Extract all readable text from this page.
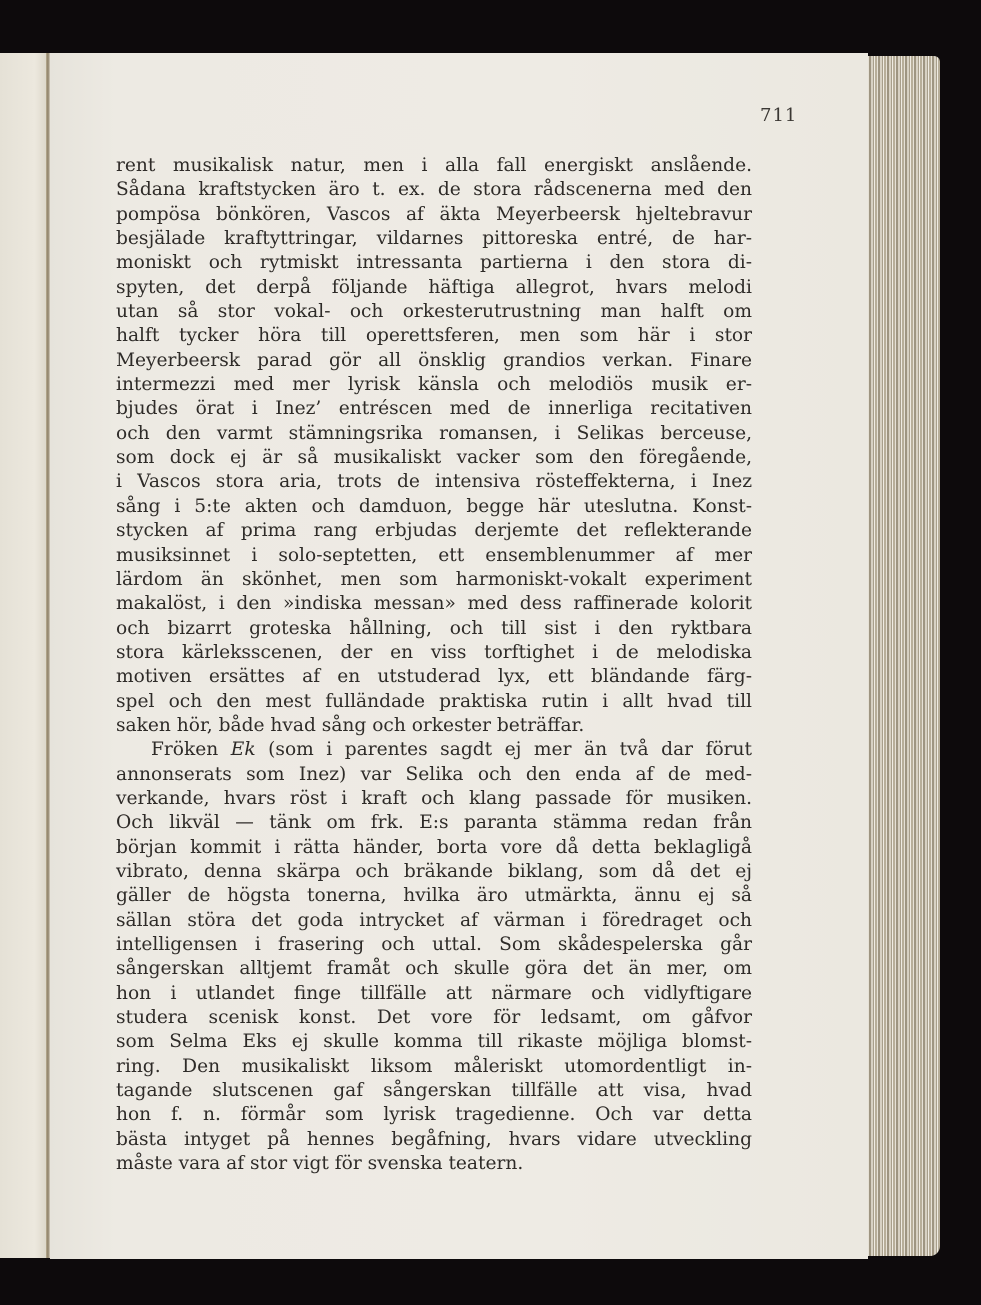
711
rent musikalisk natur, men i alla fall energiskt anslående.
Sådana kraftstycken äro t. ex. de stora rådscenerna med den
pompösa bönkören, Vascos af äkta Meyerbeersk hjeltebravur
besjälade kraftyttringar, vildarnes pittoreska entré, de har-
moniskt och rytmiskt intressanta partierna i den stora di-
spyten, det derpå följande häftiga allegrot, hvars melodi
utan så stor vokal- och orkesterutrustning man halft om
halft tycker höra till operettsferen, men som här i stor
Meyerbeersk parad gör all önsklig grandios verkan. Finare
intermezzi med mer lyrisk känsla och melodiös musik er-
bjudes örat i Inez’ entréscen med de innerliga recitativen
och den varmt stämningsrika romansen, i Selikas berceuse,
som dock ej är så musikaliskt vacker som den föregående,
i Vascos stora aria, trots de intensiva rösteffekterna, i Inez
sång i 5:te akten och damduon, begge här uteslutna. Konst-
stycken af prima rang erbjudas derjemte det reflekterande
musiksinnet i solo-septetten, ett ensemblenummer af mer
lärdom än skönhet, men som harmoniskt-vokalt experiment
makalöst, i den »indiska messan» med dess raffinerade kolorit
och bizarrt groteska hållning, och till sist i den ryktbara
stora kärleksscenen, der en viss torftighet i de melodiska
motiven ersättes af en utstuderad lyx, ett bländande färg-
spel och den mest fulländade praktiska rutin i allt hvad till
saken hör, både hvad sång och orkester beträffar.
Fröken Ek (som i parentes sagdt ej mer än två dar förut
annonserats som Inez) var Selika och den enda af de med-
verkande, hvars röst i kraft och klang passade för musiken.
Och likväl — tänk om frk. E:s paranta stämma redan från
början kommit i rätta händer, borta vore då detta beklagligå
vibrato, denna skärpa och bräkande biklang, som då det ej
gäller de högsta tonerna, hvilka äro utmärkta, ännu ej så
sällan störa det goda intrycket af värman i föredraget och
intelligensen i frasering och uttal. Som skådespelerska går
sångerskan alltjemt framåt och skulle göra det än mer, om
hon i utlandet finge tillfälle att närmare och vidlyftigare
studera scenisk konst. Det vore för ledsamt, om gåfvor
som Selma Eks ej skulle komma till rikaste möjliga blomst-
ring. Den musikaliskt liksom måleriskt utomordentligt in-
tagande slutscenen gaf sångerskan tillfälle att visa, hvad
hon f. n. förmår som lyrisk tragedienne. Och var detta
bästa intyget på hennes begåfning, hvars vidare utveckling
måste vara af stor vigt för svenska teatern.
